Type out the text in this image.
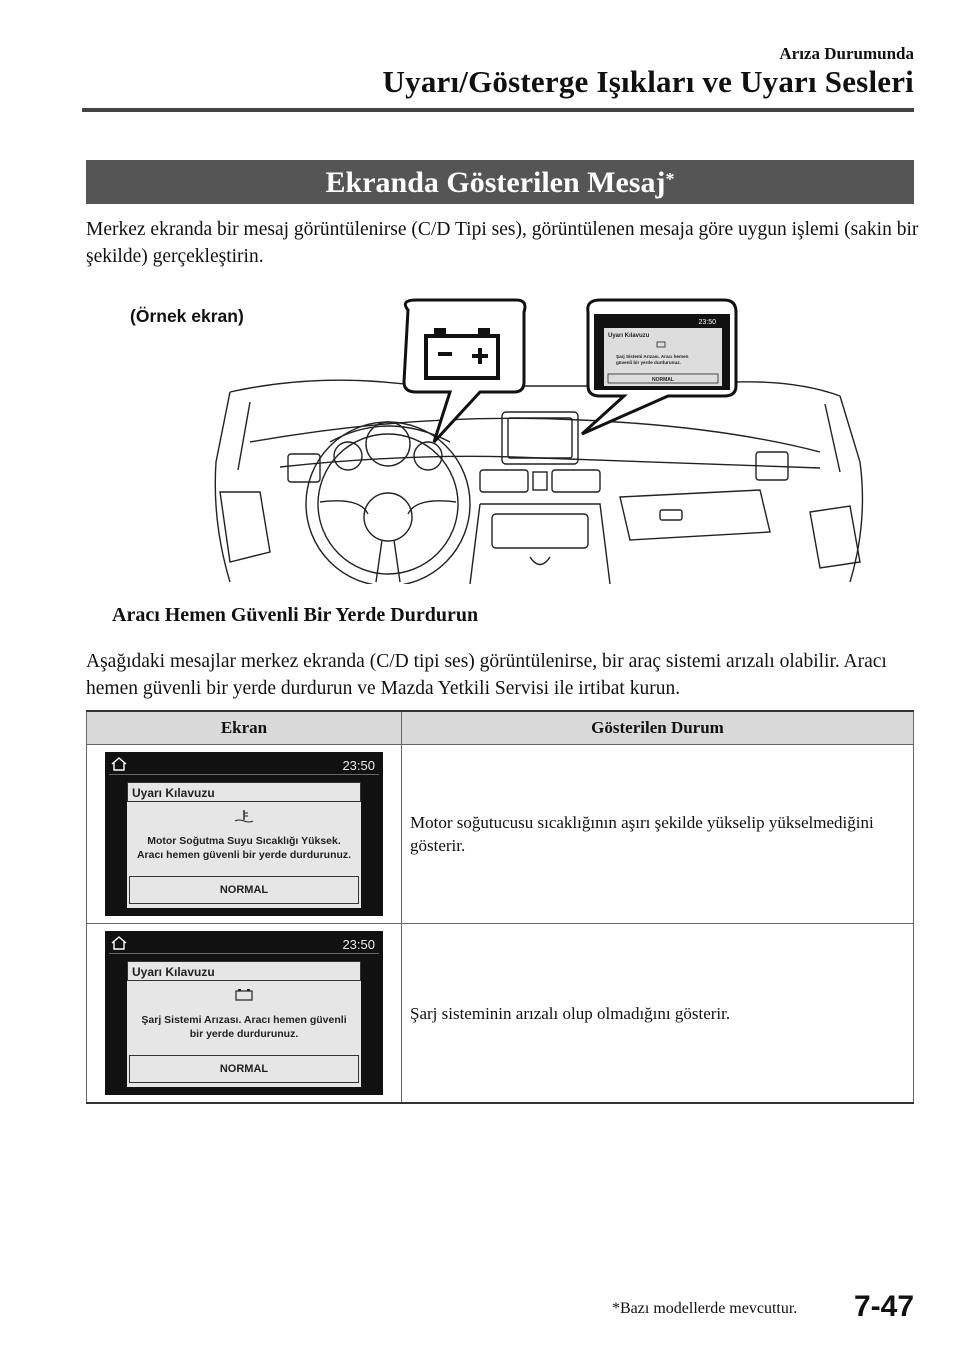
Arıza Durumunda
Uyarı/Gösterge Işıkları ve Uyarı Sesleri
Ekranda Gösterilen Mesaj*
Merkez ekranda bir mesaj görüntülenirse (C/D Tipi ses), görüntülenen mesaja göre uygun işlemi (sakin bir şekilde) gerçekleştirin.
23:50
Uyarı Kılavuzu
Şarj Sistemi Arızası. Aracı hemen güvenli bir yerde durdurunuz.
NORMAL
(Örnek ekran)
Aracı Hemen Güvenli Bir Yerde Durdurun
Aşağıdaki mesajlar merkez ekranda (C/D tipi ses) görüntülenirse, bir araç sistemi arızalı olabilir. Aracı hemen güvenli bir yerde durdurun ve Mazda Yetkili Servisi ile irtibat kurun.
Ekran	Gösterilen Durum

23:50
Uyarı Kılavuzu
Motor Soğutma Suyu Sıcaklığı Yüksek.
Aracı hemen güvenli bir yerde durdurunuz.
NORMAL	Motor soğutucusu sıcaklığının aşırı şekilde yükselip yükselmediğini gösterir.

23:50
Uyarı Kılavuzu
Şarj Sistemi Arızası. Aracı hemen güvenli
bir yerde durdurunuz.
NORMAL	Şarj sisteminin arızalı olup olmadığını gösterir.
*Bazı modellerde mevcuttur. 7-47
